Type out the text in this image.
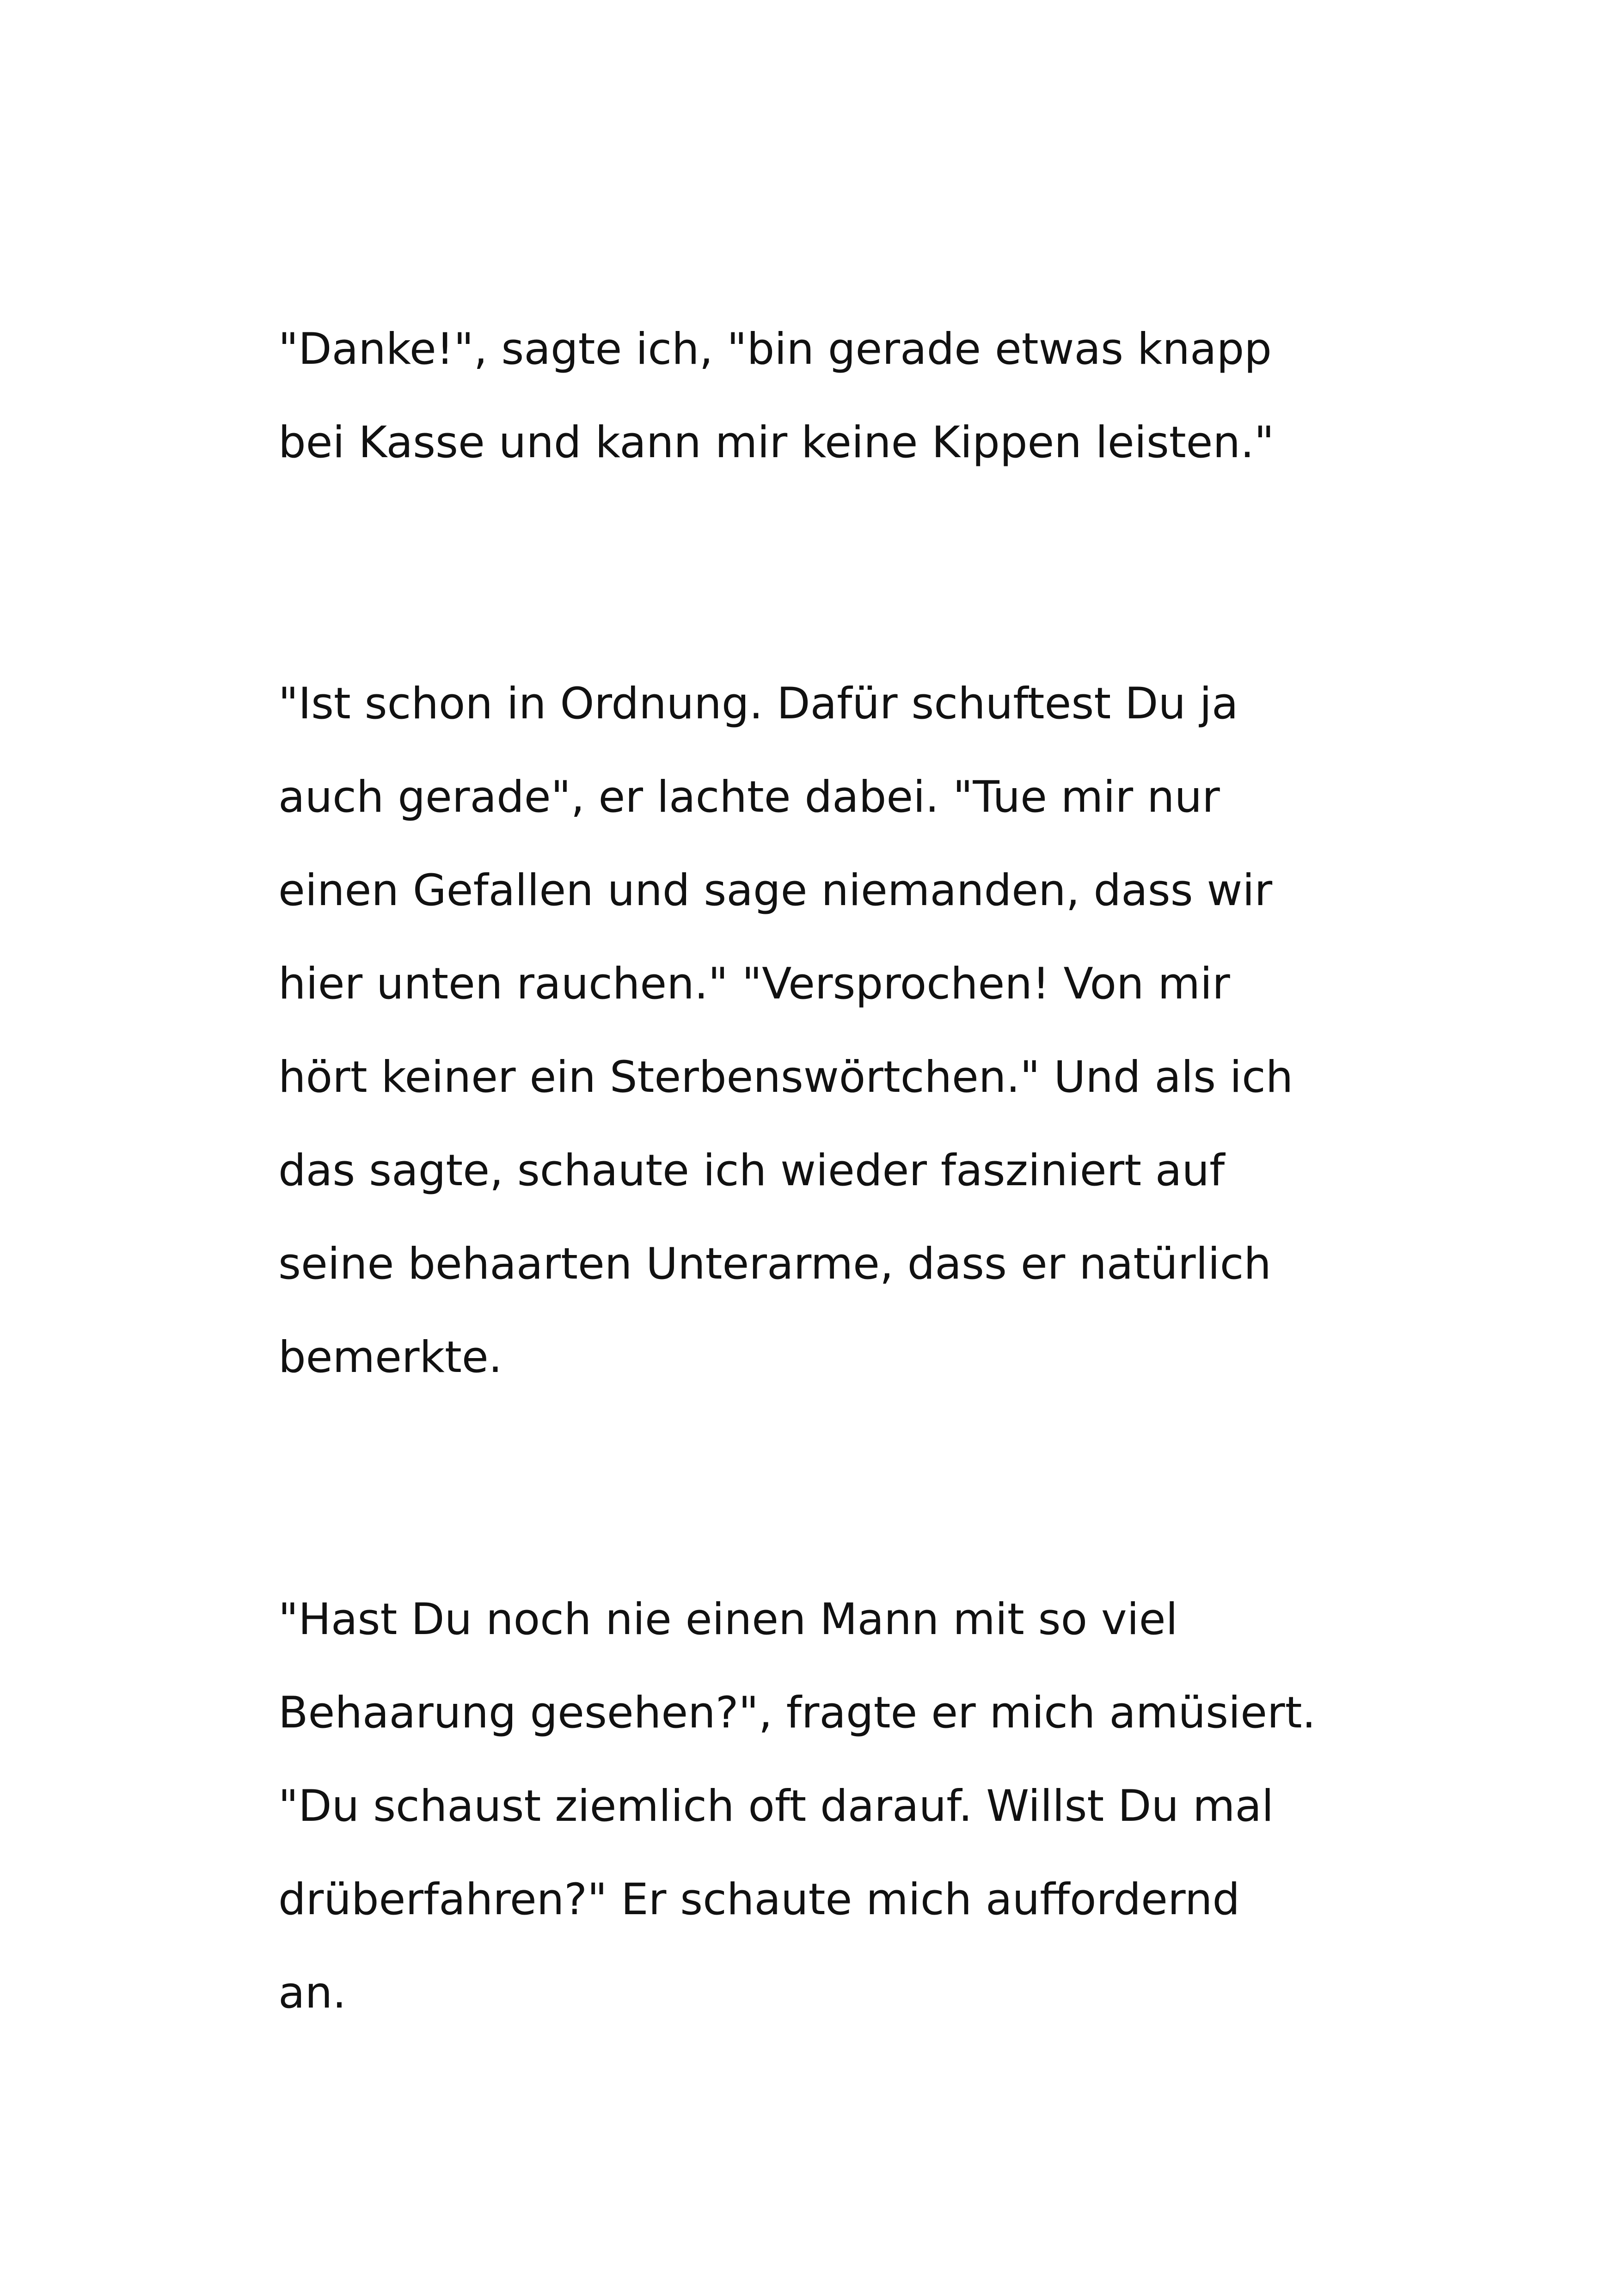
"Danke!", sagte ich, "bin gerade etwas knapp
bei Kasse und kann mir keine Kippen leisten."

"Ist schon in Ordnung. Dafür schuftest Du ja
auch gerade", er lachte dabei. "Tue mir nur
einen Gefallen und sage niemanden, dass wir
hier unten rauchen." "Versprochen! Von mir
hört keiner ein Sterbenswörtchen." Und als ich
das sagte, schaute ich wieder fasziniert auf
seine behaarten Unterarme, dass er natürlich
bemerkte.

"Hast Du noch nie einen Mann mit so viel
Behaarung gesehen?", fragte er mich amüsiert.
"Du schaust ziemlich oft darauf. Willst Du mal
drüberfahren?" Er schaute mich auffordernd
an.
